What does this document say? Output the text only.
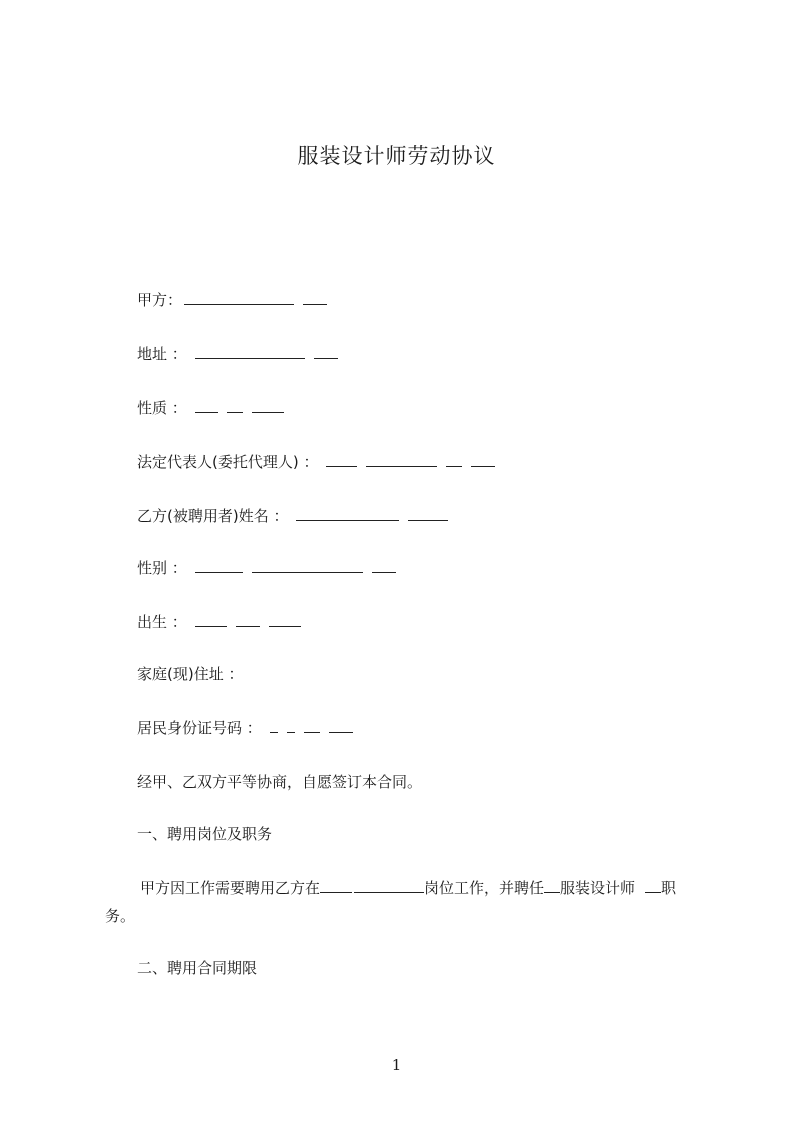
服装设计师劳动协议
甲方：
地址 ：
性质 ：
法定代表人(委托代理人) ：
乙方(被聘用者)姓名 ：
性别 ：
出生 ：
家庭(现)住址 ：
居民身份证号码 ：
经甲、乙双方平等协商，自愿签订本合同。
一、聘用岗位及职务
甲方因工作需要聘用乙方在	岗位工作，并聘任 服装设计师 职
务。
二、聘用合同期限
1
